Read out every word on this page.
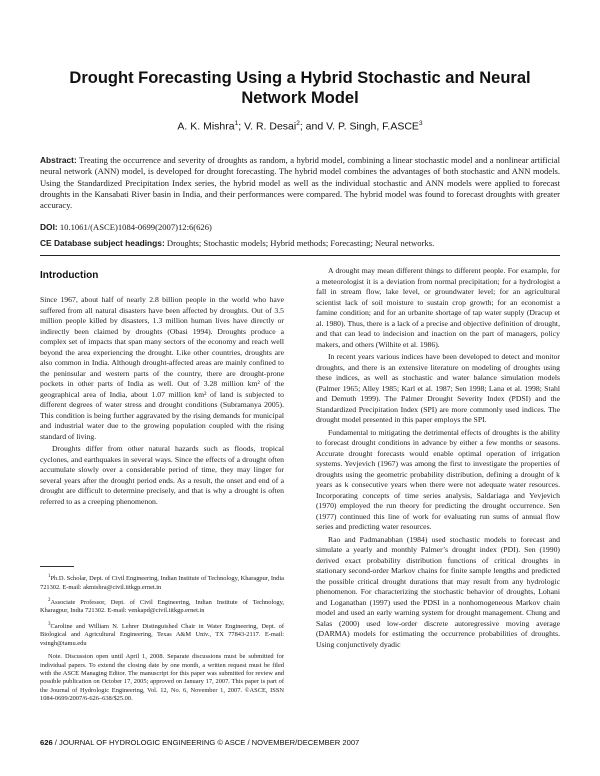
Drought Forecasting Using a Hybrid Stochastic and Neural Network Model
A. K. Mishra$^1$; V. R. Desai$^2$; and V. P. Singh, F.ASCE$^3$
Abstract: Treating the occurrence and severity of droughts as random, a hybrid model, combining a linear stochastic model and a nonlinear artificial neural network (ANN) model, is developed for drought forecasting. The hybrid model combines the advantages of both stochastic and ANN models. Using the Standardized Precipitation Index series, the hybrid model as well as the individual stochastic and ANN models were applied to forecast droughts in the Kansabati River basin in India, and their performances were compared. The hybrid model was found to forecast droughts with greater accuracy.
DOI: 10.1061/(ASCE)1084-0699(2007)12:6(626)
CE Database subject headings: Droughts; Stochastic models; Hybrid methods; Forecasting; Neural networks.
Introduction

Since 1967, about half of nearly 2.8 billion people in the world who have suffered from all natural disasters have been affected by droughts. Out of 3.5 million people killed by disasters, 1.3 million human lives have directly or indirectly been claimed by droughts (Obasi 1994). Droughts produce a complex set of impacts that span many sectors of the economy and reach well beyond the area experiencing the drought. Like other countries, droughts are also common in India. Although drought-affected areas are mainly confined to the peninsular and western parts of the country, there are drought-prone pockets in other parts of India as well. Out of 3.28 million km² of the geographical area of India, about 1.07 million km² of land is subjected to different degrees of water stress and drought conditions (Subramanya 2005). This condition is being further aggravated by the rising demands for municipal and industrial water due to the growing population coupled with the rising standard of living.

Droughts differ from other natural hazards such as floods, tropical cyclones, and earthquakes in several ways. Since the effects of a drought often accumulate slowly over a considerable period of time, they may linger for several years after the drought period ends. As a result, the onset and end of a drought are difficult to determine precisely, and that is why a drought is often referred to as a creeping phenomenon.

$^1$Ph.D. Scholar, Dept. of Civil Engineering, Indian Institute of Technology, Kharagpur, India 721302. E-mail: akmishra@civil.iitkgp.ernet.in

$^2$Associate Professor, Dept. of Civil Engineering, Indian Institute of Technology, Kharagpur, India 721302. E-mail: venkapd@civil.iitkgp.ernet.in

$^3$Caroline and William N. Lehrer Distinguished Chair in Water Engineering, Dept. of Biological and Agricultural Engineering, Texas A&M Univ., TX 77843-2117. E-mail: vsingh@tamu.edu

Note. Discussion open until April 1, 2008. Separate discussions must be submitted for individual papers. To extend the closing date by one month, a written request must be filed with the ASCE Managing Editor. The manuscript for this paper was submitted for review and possible publication on October 17, 2005; approved on January 17, 2007. This paper is part of the Journal of Hydrologic Engineering, Vol. 12, No. 6, November 1, 2007. ©ASCE, ISSN 1084-0699/2007/6-626–638/$25.00.

A drought may mean different things to different people. For example, for a meteorologist it is a deviation from normal precipitation; for a hydrologist a fall in stream flow, lake level, or groundwater level; for an agricultural scientist lack of soil moisture to sustain crop growth; for an economist a famine condition; and for an urbanite shortage of tap water supply (Dracup et al. 1980). Thus, there is a lack of a precise and objective definition of drought, and that can lead to indecision and inaction on the part of managers, policy makers, and others (Wilhite et al. 1986).

In recent years various indices have been developed to detect and monitor droughts, and there is an extensive literature on modeling of droughts using these indices, as well as stochastic and water balance simulation models (Palmer 1965; Alley 1985; Karl et al. 1987; Sen 1998; Lana et al. 1998; Stahl and Demuth 1999). The Palmer Drought Severity Index (PDSI) and the Standardized Precipitation Index (SPI) are more commonly used indices. The drought model presented in this paper employs the SPI.

Fundamental to mitigating the detrimental effects of droughts is the ability to forecast drought conditions in advance by either a few months or seasons. Accurate drought forecasts would enable optimal operation of irrigation systems. Yevjevich (1967) was among the first to investigate the properties of droughts using the geometric probability distribution, defining a drought of k years as k consecutive years when there were not adequate water resources. Incorporating concepts of time series analysis, Saldariaga and Yevjevich (1970) employed the run theory for predicting the drought occurrence. Sen (1977) continued this line of work for evaluating run sums of annual flow series and predicting water resources.

Rao and Padmanabhan (1984) used stochastic models to forecast and simulate a yearly and monthly Palmer’s drought index (PDI). Sen (1990) derived exact probability distribution functions of critical droughts in stationary second-order Markov chains for finite sample lengths and predicted the possible critical drought durations that may result from any hydrologic phenomenon. For characterizing the stochastic behavior of droughts, Lohani and Loganathan (1997) used the PDSI in a nonhomogeneous Markov chain model and used an early warning system for drought management. Chung and Salas (2000) used low-order discrete autoregressive moving average (DARMA) models for estimating the occurrence probabilities of droughts. Using conjunctively dyadic

626 / JOURNAL OF HYDROLOGIC ENGINEERING © ASCE / NOVEMBER/DECEMBER 2007
